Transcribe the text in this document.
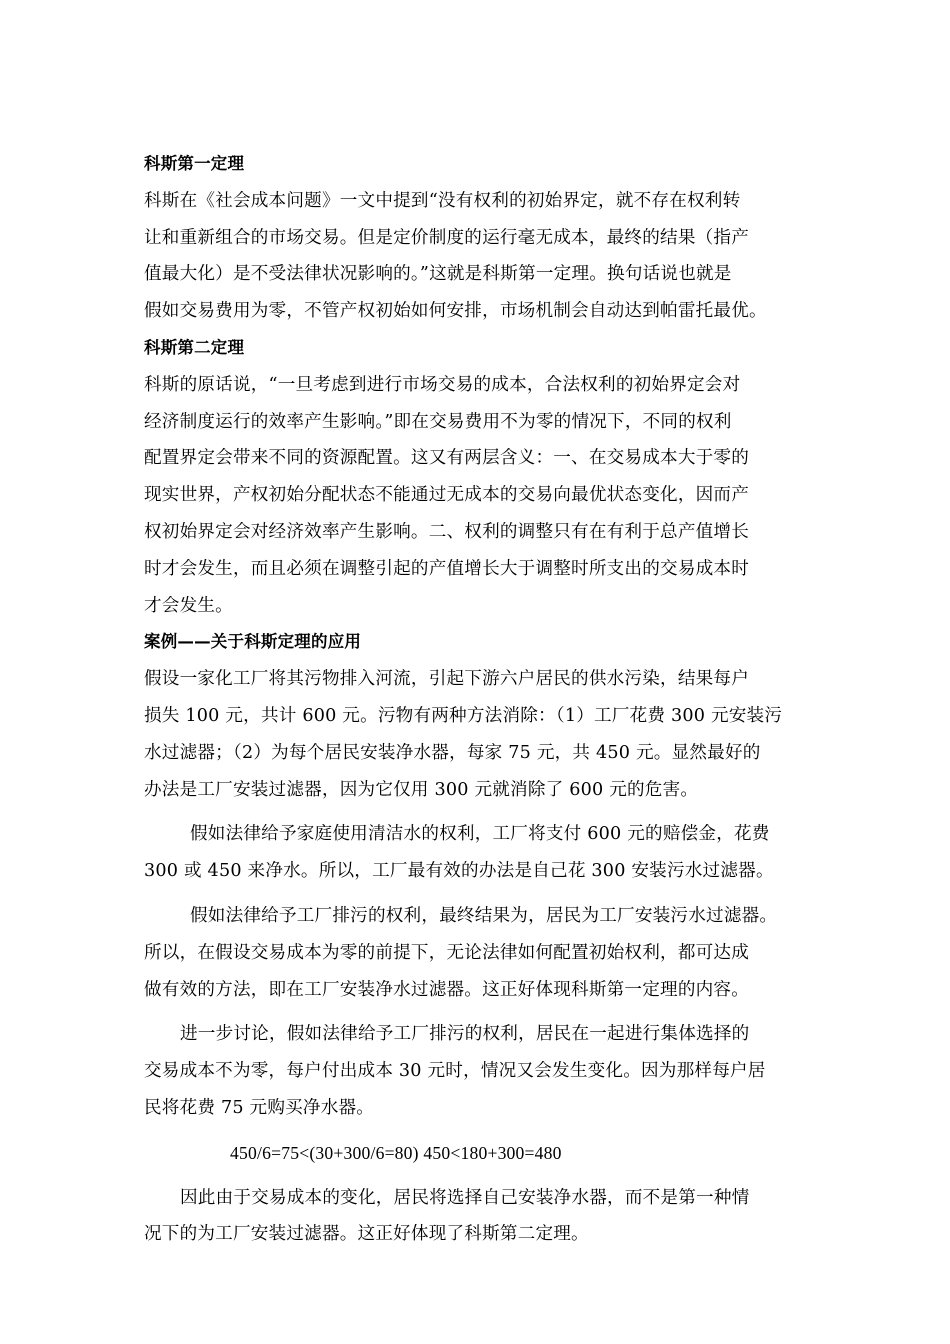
科斯第一定理
科斯在《社会成本问题》一文中提到“没有权利的初始界定，就不存在权利转
让和重新组合的市场交易。但是定价制度的运行毫无成本，最终的结果（指产
值最大化）是不受法律状况影响的。”这就是科斯第一定理。换句话说也就是
假如交易费用为零，不管产权初始如何安排，市场机制会自动达到帕雷托最优。
科斯第二定理
科斯的原话说，“一旦考虑到进行市场交易的成本，合法权利的初始界定会对
经济制度运行的效率产生影响。”即在交易费用不为零的情况下，不同的权利
配置界定会带来不同的资源配置。这又有两层含义：一、在交易成本大于零的
现实世界，产权初始分配状态不能通过无成本的交易向最优状态变化，因而产
权初始界定会对经济效率产生影响。二、权利的调整只有在有利于总产值增长
时才会发生，而且必须在调整引起的产值增长大于调整时所支出的交易成本时
才会发生。
案例——关于科斯定理的应用
假设一家化工厂将其污物排入河流，引起下游六户居民的供水污染，结果每户
损失 100 元，共计 600 元。污物有两种方法消除：（1）工厂花费 300 元安装污
水过滤器；（2）为每个居民安装净水器，每家 75 元，共 450 元。显然最好的
办法是工厂安装过滤器，因为它仅用 300 元就消除了 600 元的危害。
假如法律给予家庭使用清洁水的权利，工厂将支付 600 元的赔偿金，花费
300 或 450 来净水。所以，工厂最有效的办法是自己花 300 安装污水过滤器。
假如法律给予工厂排污的权利，最终结果为，居民为工厂安装污水过滤器。
所以，在假设交易成本为零的前提下，无论法律如何配置初始权利，都可达成
做有效的方法，即在工厂安装净水过滤器。这正好体现科斯第一定理的内容。
进一步讨论，假如法律给予工厂排污的权利，居民在一起进行集体选择的
交易成本不为零，每户付出成本 30 元时，情况又会发生变化。因为那样每户居
民将花费 75 元购买净水器。
450/6=75<(30+300/6=80) 450<180+300=480
因此由于交易成本的变化，居民将选择自己安装净水器，而不是第一种情
况下的为工厂安装过滤器。这正好体现了科斯第二定理。
